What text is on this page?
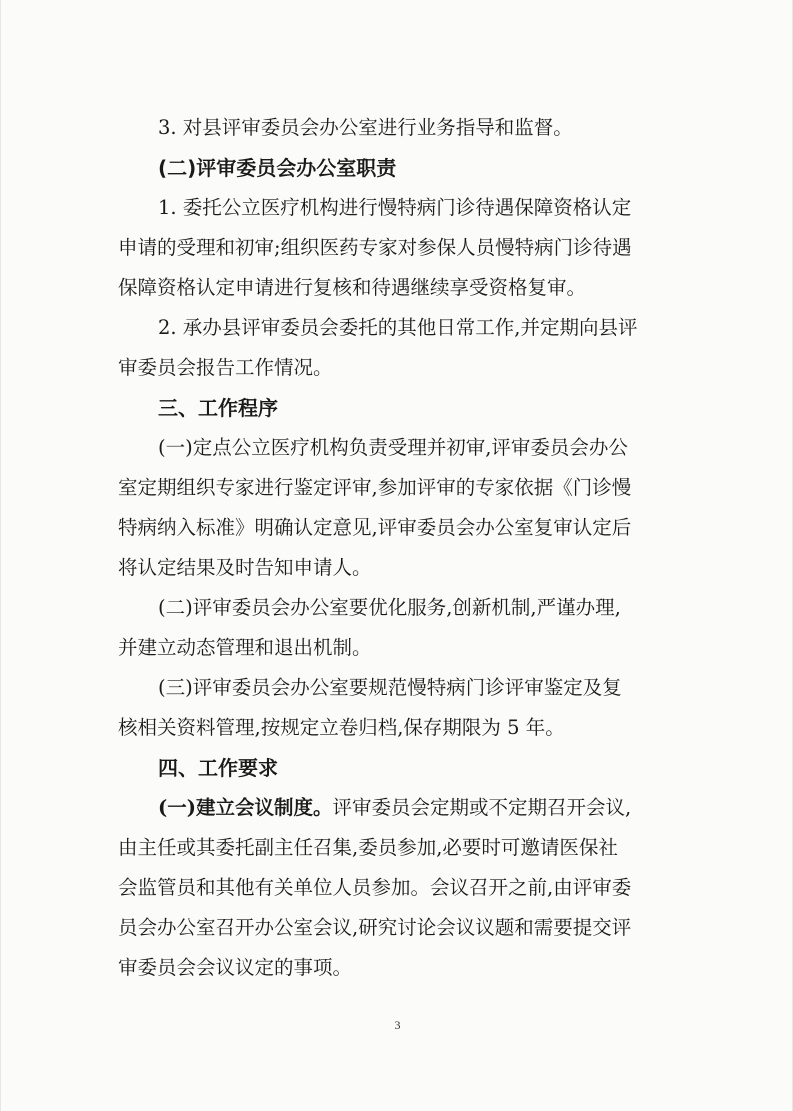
3. 对县评审委员会办公室进行业务指导和监督。

(二)评审委员会办公室职责

1. 委托公立医疗机构进行慢特病门诊待遇保障资格认定

申请的受理和初审;组织医药专家对参保人员慢特病门诊待遇

保障资格认定申请进行复核和待遇继续享受资格复审。

2. 承办县评审委员会委托的其他日常工作,并定期向县评

审委员会报告工作情况。

三、工作程序

(一)定点公立医疗机构负责受理并初审,评审委员会办公

室定期组织专家进行鉴定评审,参加评审的专家依据《门诊慢

特病纳入标准》明确认定意见,评审委员会办公室复审认定后

将认定结果及时告知申请人。

(二)评审委员会办公室要优化服务,创新机制,严谨办理,

并建立动态管理和退出机制。

(三)评审委员会办公室要规范慢特病门诊评审鉴定及复

核相关资料管理,按规定立卷归档,保存期限为 5 年。

四、工作要求

(一)建立会议制度。评审委员会定期或不定期召开会议,

由主任或其委托副主任召集,委员参加,必要时可邀请医保社

会监管员和其他有关单位人员参加。会议召开之前,由评审委

员会办公室召开办公室会议,研究讨论会议议题和需要提交评

审委员会会议议定的事项。

3
